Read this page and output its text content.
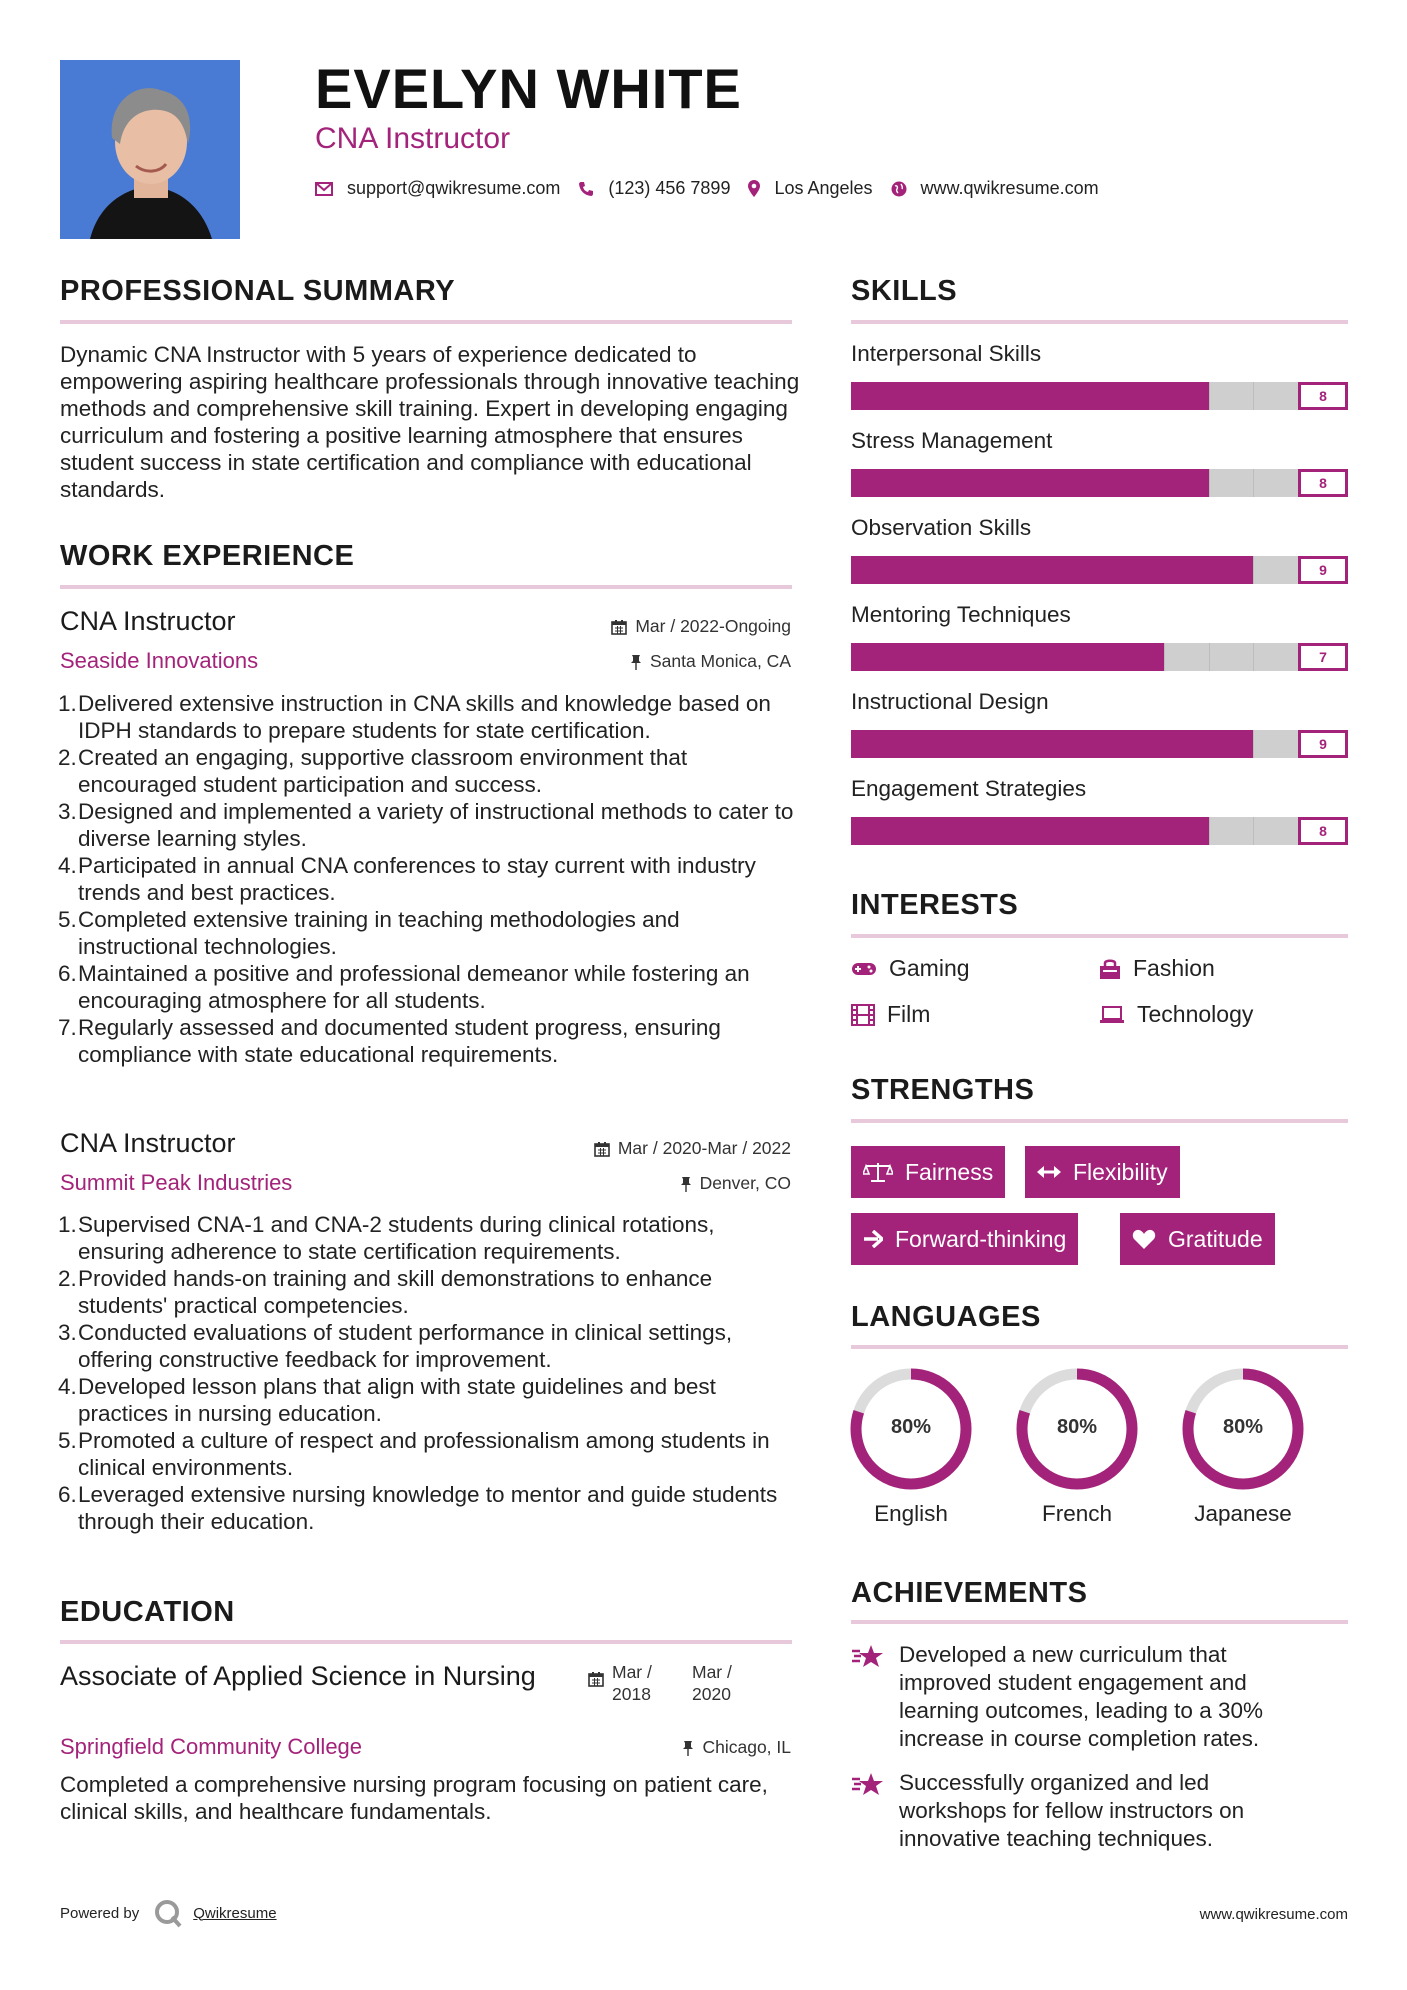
EVELYN WHITE
CNA Instructor
support@qwikresume.com	(123) 456 7899 Los Angeles	www.qwikresume.com
PROFESSIONAL SUMMARY
Dynamic CNA Instructor with 5 years of experience dedicated to empowering aspiring healthcare professionals through innovative teaching methods and comprehensive skill training. Expert in developing engaging curriculum and fostering a positive learning atmosphere that ensures student success in state certification and compliance with educational standards.
WORK EXPERIENCE
CNA Instructor
Seaside Innovations
Mar / 2022-Ongoing
Santa Monica, CA
Delivered extensive instruction in CNA skills and knowledge based on IDPH standards to prepare students for state certification.
Created an engaging, supportive classroom environment that encouraged student participation and success.
Designed and implemented a variety of instructional methods to cater to diverse learning styles.
Participated in annual CNA conferences to stay current with industry trends and best practices.
Completed extensive training in teaching methodologies and instructional technologies.
Maintained a positive and professional demeanor while fostering an encouraging atmosphere for all students.
Regularly assessed and documented student progress, ensuring compliance with state educational requirements.
CNA Instructor
Summit Peak Industries
Mar / 2020-Mar / 2022
Denver, CO
Supervised CNA-1 and CNA-2 students during clinical rotations, ensuring adherence to state certification requirements.
Provided hands-on training and skill demonstrations to enhance students' practical competencies.
Conducted evaluations of student performance in clinical settings, offering constructive feedback for improvement.
Developed lesson plans that align with state guidelines and best practices in nursing education.
Promoted a culture of respect and professionalism among students in clinical environments.
Leveraged extensive nursing knowledge to mentor and guide students through their education.
EDUCATION
Associate of Applied Science in Nursing	Mar / 2018
Mar / 2020
Springfield Community College	Chicago, IL
Completed a comprehensive nursing program focusing on patient care, clinical skills, and healthcare fundamentals.
SKILLS
Interpersonal Skills
8
Stress Management
8
Observation Skills
9
Mentoring Techniques
7
Instructional Design
9
Engagement Strategies
8
INTERESTS
Gaming	Fashion
Film	Technology
STRENGTHS
Fairness	Flexibility
Forward-thinking	Gratitude
LANGUAGES
80%
English
80%
French
80%
Japanese
ACHIEVEMENTS
Developed a new curriculum that improved student engagement and learning outcomes, leading to a 30% increase in course completion rates.
Successfully organized and led workshops for fellow instructors on innovative teaching techniques.
Powered by	Qwikresume	www.qwikresume.com
